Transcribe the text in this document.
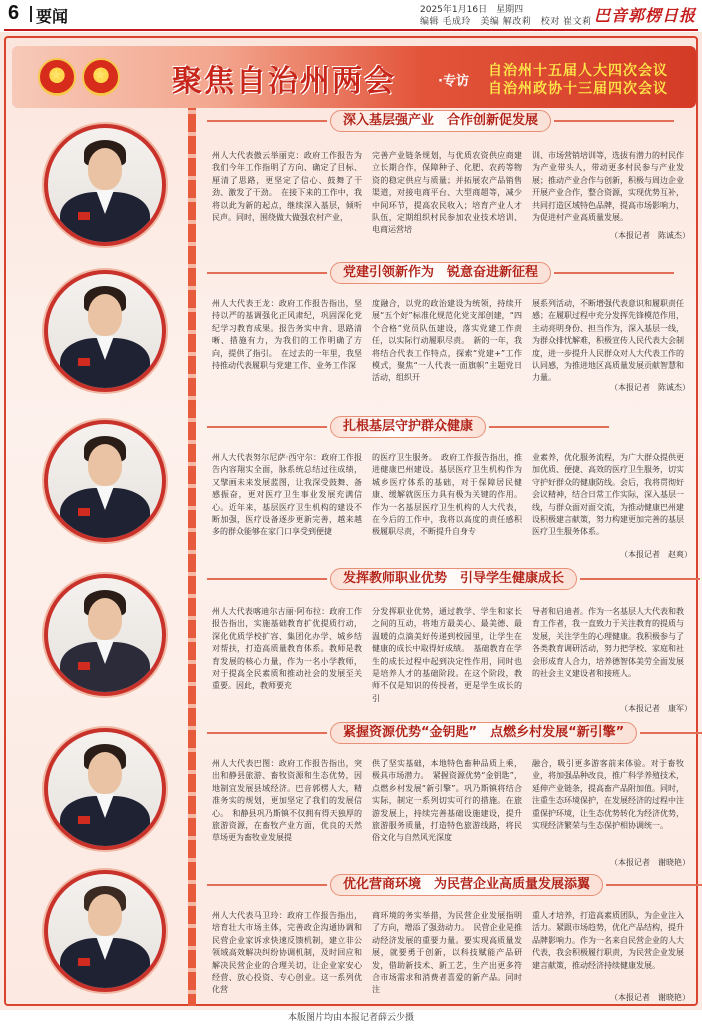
6 要闻	2025年1月16日　星期四
编辑 毛成玲　美编 解改莉　校对 崔文莉 巴音郭楞日报
★ ★ 聚焦自治州两会	·专访
自治州十五届人大四次会议
自治州政协十三届四次会议
深入基层强产业　合作创新促发展
州人大代表傲云举丽克：政府工作报告为我们今年工作指明了方向、确定了目标、厘清了思路，更坚定了信心、鼓舞了干劲、激发了干劲。　在接下来的工作中，我将以此为新的起点，继续深入基层，倾听民声。同时，围绕做大做强农村产业，
完善产业链条规划，与优质农资供应商建立长期合作，保障种子、化肥、农药等物资的稳定供应与质量；并拓展农产品销售渠道，对接电商平台、大型商超等，减少中间环节，提高农民收入；培育产业人才队伍，定期组织村民参加农业技术培训、电商运营培
训、市场营销培训等，选拔有潜力的村民作为产业带头人，带动更多村民参与产业发展；推动产业合作与创新，积极与周边企业开展产业合作，整合资源，实现优势互补，共同打造区域特色品牌，提高市场影响力，为促进村产业高质量发展。
（本报记者　陈诚杰）
党建引领新作为　锐意奋进新征程
州人大代表王龙：政府工作报告指出，坚持以严的基调强化正风肃纪，巩固深化党纪学习教育成果。报告务实中肯、思路清晰、措施有力，为我们的工作明确了方向，提供了指引。　在过去的一年里，我坚持推动代表履职与党建工作、业务工作深
度融合，以党的政治建设为统领，持续开展“五个好”标准化规范化党支部创建，“四个合格”党员队伍建设，落实党建工作责任，以实际行动履职尽责。　新的一年，我将结合代表工作特点，探索“党建+”工作模式，聚焦“一人代表一面旗帜”主题党日活动，组织开
展系列活动，不断增强代表意识和履职责任感；在履职过程中充分发挥先锋模范作用，主动亮明身份、担当作为，深入基层一线，为群众排忧解难，积极宣传人民代表大会制度，进一步提升人民群众对人大代表工作的认同感，为推进地区高质量发展贡献智慧和力量。
（本报记者　陈诚杰）
扎根基层守护群众健康
州人大代表努尔尼萨·西守尔：政府工作报告内容翔实全面，脉系统总结过往成绩，又擘画未来发展蓝图，让我深受鼓舞、备感振奋，更对医疗卫生事业发展充满信心。近年来，基层医疗卫生机构的建设不断加强，医疗设备逐步更新完善，越来越多的群众能够在家门口享受到便捷
的医疗卫生服务。　政府工作报告指出，推进健康巴州建设。基层医疗卫生机构作为城乡医疗体系的基础，对于保障居民健康、缓解就医压力具有极为关键的作用。作为一名基层医疗卫生机构的人大代表，在今后的工作中，我将以高度的责任感积极履职尽责，不断提升自身专
业素养，优化服务流程，为广大群众提供更加优质、便捷、高效的医疗卫生服务，切实守护好群众的健康防线。会后，我将贯彻好会议精神，结合日常工作实际，深入基层一线，与群众面对面交流，为推动健康巴州建设积极建言献策，努力构建更加完善的基层医疗卫生服务体系。
（本报记者　赵爽）
发挥教师职业优势　引导学生健康成长
州人大代表喀迪尔古丽·阿布拉：政府工作报告指出，实施基础教育扩优提质行动，深化优质学校扩容、集团化办学、城乡结对帮扶，打造高质量教育体系。教师是教育发展的核心力量，作为一名小学教师，对于提高全民素质和推动社会的发展至关重要。因此，教师要充
分发挥职业优势，通过教学、学生和家长之间的互动，将地方最美心、最美德、最温暖的点滴美好传递到校园里，让学生在健康的成长中取得好成绩。　基础教育在学生的成长过程中起到决定性作用，同时也是培养人才的基础阶段。在这个阶段，教师不仅是知识的传授者，更是学生成长的引
导者和启迪者。作为一名基层人大代表和教育工作者，我一直致力于关注教育的提质与发展，关注学生的心理健康。我积极参与了各类教育调研活动，努力把学校、家庭和社会形成育人合力，培养德智体美劳全面发展的社会主义建设者和接班人。
（本报记者　康军）
紧握资源优势“金钥匙”　点燃乡村发展“新引擎”
州人大代表巴图：政府工作报告指出，突出和静县旅游、畜牧资源和生态优势，因地制宜发展县域经济。巴音郭楞人大，精准务实的规划，更加坚定了我们的发展信心。　和静县巩乃斯镇不仅拥有得天独厚的旅游资源，在畜牧产业方面，优良的天然草场更为畜牧业发展提
供了坚实基础，本地特色畜种品质上乘，极具市场潜力。　紧握资源优势“金钥匙”，点燃乡村发展“新引擎”。巩乃斯镇将结合实际，制定一系列切实可行的措施。在旅游发展上，持续完善基础设施建设，提升旅游服务质量，打造特色旅游线路，将民俗文化与自然风光深度
融合，吸引更多游客前来体验。对于畜牧业，将加强品种改良，推广科学养殖技术，延伸产业链条，提高畜产品附加值。同时，注重生态环境保护，在发展经济的过程中注重保护环境，让生态优势转化为经济优势，实现经济繁荣与生态保护相协调统一。
（本报记者　谢晓艳）
优化营商环境　为民营企业高质量发展添翼
州人大代表马卫玲：政府工作报告指出，培育壮大市场主体，完善政企沟通协调和民营企业家诉求快速反馈机制，建立非公领域高效解决纠纷协调机制，及时回应和解决民营企业的合理关切，让企业家安心经营、放心投资、专心创业。这一系列优化营
商环境的务实举措，为民营企业发展指明了方向，增添了强劲动力。　民营企业是推动经济发展的重要力量。要实现高质量发展，就要勇于创新，以科技赋能产品研发，借助新技术、新工艺，生产出更多符合市场需求和消费者喜爱的新产品。同时注
重人才培养，打造高素质团队，为企业注入活力。紧跟市场趋势，优化产品结构，提升品牌影响力。作为一名来自民营企业的人大代表，我会积极履行职责，为民营企业发展建言献策，推动经济持续健康发展。
（本报记者　谢晓艳）
本版图片均由本报记者薛云少摄
